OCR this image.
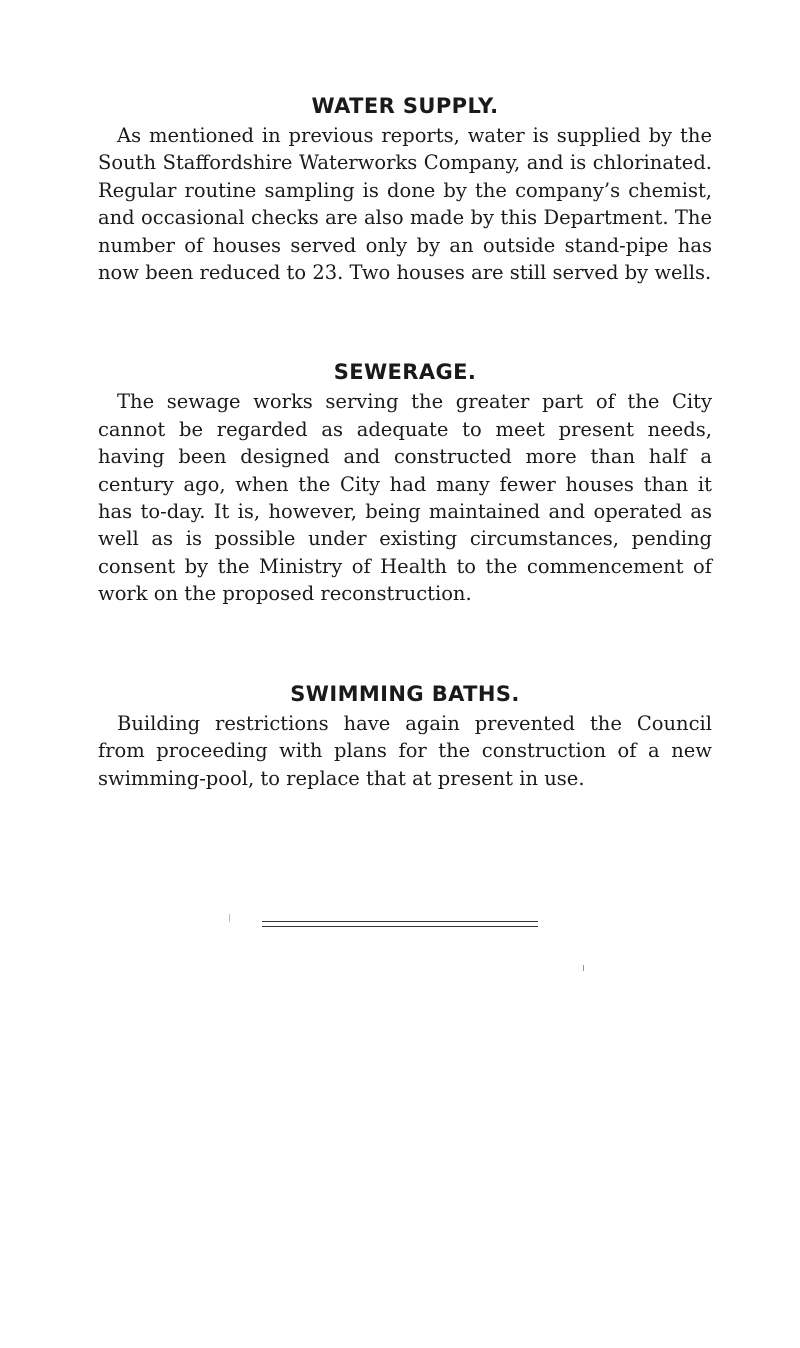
WATER SUPPLY.

As mentioned in previous reports, water is supplied by the South Staffordshire Waterworks Company, and is chlorinated. Regular routine sampling is done by the company’s chemist, and occasional checks are also made by this Department. The number of houses served only by an outside stand-pipe has now been reduced to 23. Two houses are still served by wells.

SEWERAGE.

The sewage works serving the greater part of the City cannot be regarded as adequate to meet present needs, having been designed and constructed more than half a century ago, when the City had many fewer houses than it has to-day. It is, however, being maintained and operated as well as is possible under existing circumstances, pending consent by the Ministry of Health to the commencement of work on the proposed reconstruction.

SWIMMING BATHS.

Building restrictions have again prevented the Council from proceeding with plans for the construction of a new swimming-pool, to replace that at present in use.
